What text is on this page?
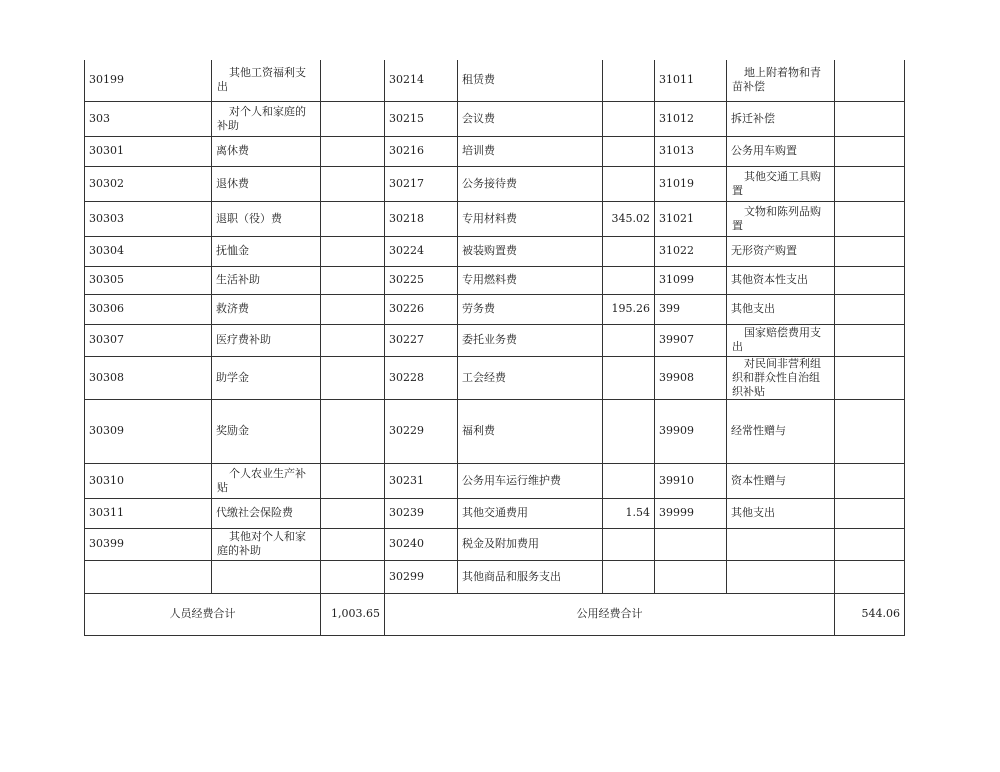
30199	其他工资福利支出		30214	租赁费		31011	地上附着物和青苗补偿	
303	对个人和家庭的补助		30215	会议费		31012	拆迁补偿	
30301	离休费		30216	培训费		31013	公务用车购置	
30302	退休费		30217	公务接待费		31019	其他交通工具购置	
30303	退职（役）费		30218	专用材料费	345.02	31021	文物和陈列品购置	
30304	抚恤金		30224	被装购置费		31022	无形资产购置	
30305	生活补助		30225	专用燃料费		31099	其他资本性支出	
30306	救济费		30226	劳务费	195.26	399	其他支出	
30307	医疗费补助		30227	委托业务费		39907	国家赔偿费用支出	
30308	助学金		30228	工会经费		39908	对民间非营利组织和群众性自治组织补贴	
30309	奖励金		30229	福利费		39909	经常性赠与	
30310	个人农业生产补贴		30231	公务用车运行维护费		39910	资本性赠与	
30311	代缴社会保险费		30239	其他交通费用	1.54	39999	其他支出	
30399	其他对个人和家庭的补助		30240	税金及附加费用				
			30299	其他商品和服务支出				
人员经费合计		1,003.65	公用经费合计					544.06
